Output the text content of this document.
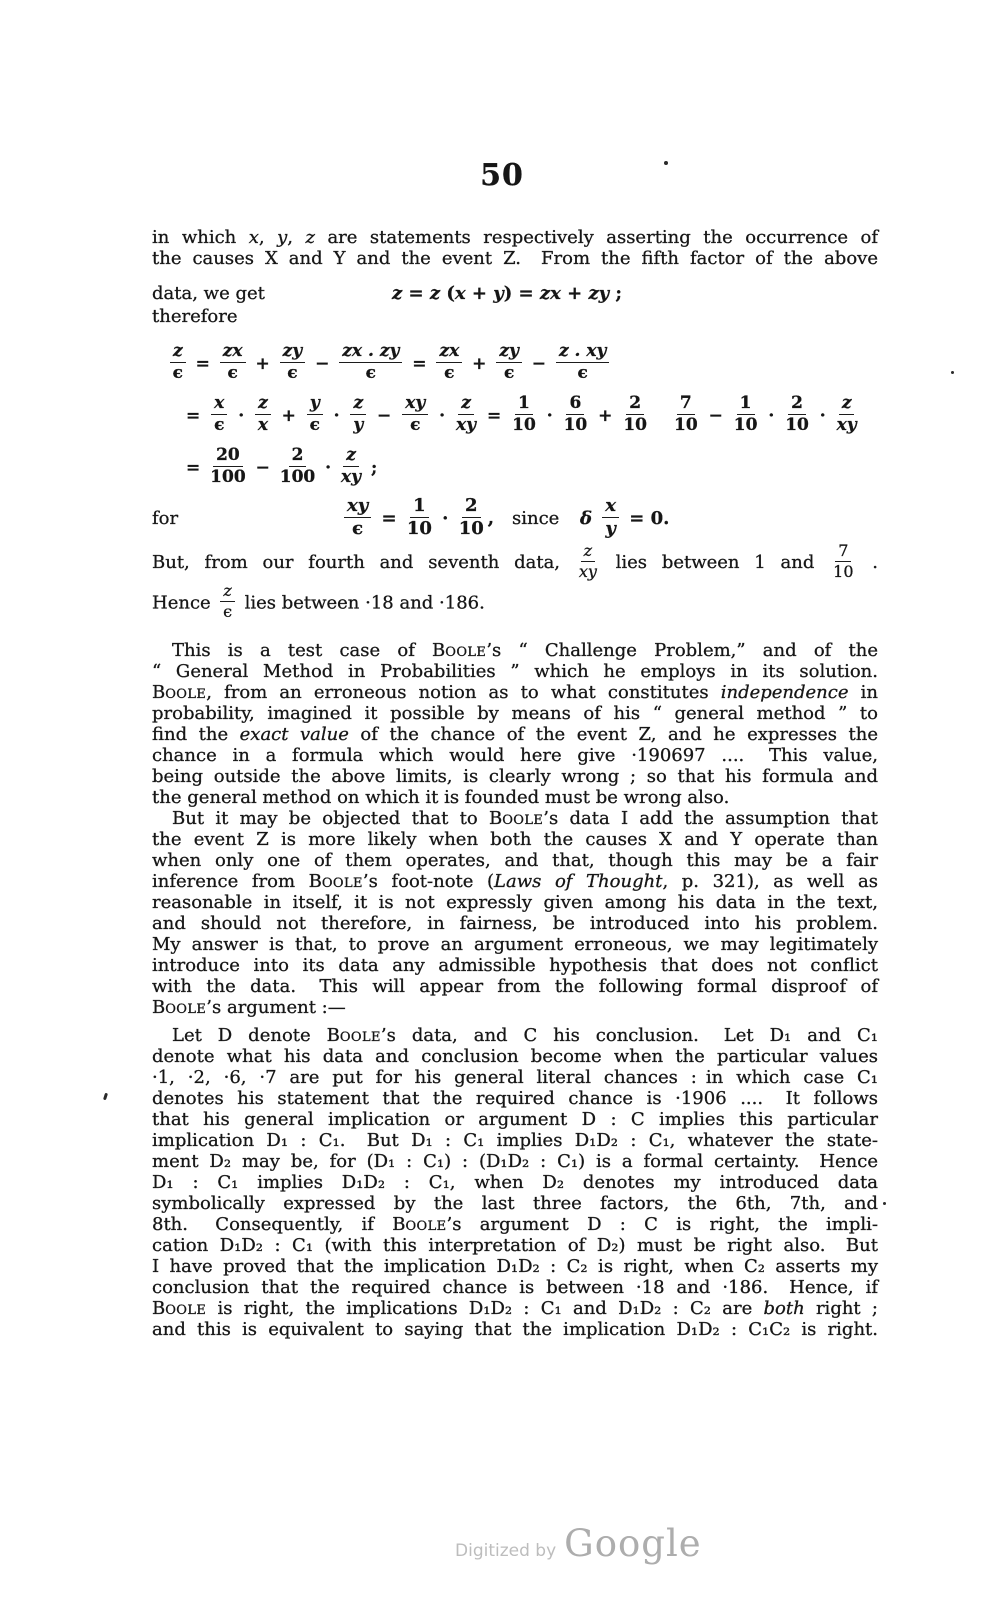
50
in which x, y, z are statements respectively asserting the occurrence of
the causes X and Y and the event Z.  From the fifth factor of the above
data, we get	z = z (x + y) = zx + zy ;
therefore
$\frac{z}{\epsilon} = \frac{zx}{\epsilon} + \frac{zy}{\epsilon} - \frac{zx . zy}{\epsilon} = \frac{zx}{\epsilon} + \frac{zy}{\epsilon} - \frac{z . xy}{\epsilon}$
= $\frac{x}{\epsilon} \cdot \frac{z}{x} + \frac{y}{\epsilon} \cdot \frac{z}{y} - \frac{xy}{\epsilon} \cdot \frac{z}{xy} = \frac{1}{10} \cdot \frac{6}{10} + \frac{2}{10}$
   $\frac{7}{10} - \frac{1}{10} \cdot \frac{2}{10} \cdot \frac{z}{xy}$
= $\frac{20}{100} - \frac{2}{100} \cdot \frac{z}{xy}$ ;
for	$\frac{xy}{\epsilon} = \frac{1}{10} \cdot \frac{2}{10}$ , since δ $\frac{x}{y} = 0$.
But, from our fourth and seventh data, $\frac{z}{xy}$ lies between 1 and $\frac{7}{10}$ .
Hence $\frac{z}{\epsilon}$ lies between ·18 and ·186.
This is a test case of Boole’s “ Challenge Problem,” and of the
“ General Method in Probabilities ” which he employs in its solution.
Boole, from an erroneous notion as to what constitutes independence in
probability, imagined it possible by means of his “ general method ” to
find the exact value of the chance of the event Z, and he expresses the
chance in a formula which would here give ·190697 ....  This value,
being outside the above limits, is clearly wrong ; so that his formula and
the general method on which it is founded must be wrong also.
But it may be objected that to Boole’s data I add the assumption that
the event Z is more likely when both the causes X and Y operate than
when only one of them operates, and that, though this may be a fair
inference from Boole’s foot-note (Laws of Thought, p. 321), as well as
reasonable in itself, it is not expressly given among his data in the text,
and should not therefore, in fairness, be introduced into his problem.
My answer is that, to prove an argument erroneous, we may legitimately
introduce into its data any admissible hypothesis that does not conflict
with the data.  This will appear from the following formal disproof of
Boole’s argument :—
Let D denote Boole’s data, and C his conclusion.  Let D₁ and C₁
denote what his data and conclusion become when the particular values
·1, ·2, ·6, ·7 are put for his general literal chances : in which case C₁
denotes his statement that the required chance is ·1906 ....  It follows
that his general implication or argument D : C implies this particular
implication D₁ : C₁.  But D₁ : C₁ implies D₁D₂ : C₁, whatever the state-
ment D₂ may be, for (D₁ : C₁) : (D₁D₂ : C₁) is a formal certainty.  Hence
D₁ : C₁ implies D₁D₂ : C₁, when D₂ denotes my introduced data
symbolically expressed by the last three factors, the 6th, 7th, and
8th.  Consequently, if Boole’s argument D : C is right, the impli-
cation D₁D₂ : C₁ (with this interpretation of D₂) must be right also.  But
I have proved that the implication D₁D₂ : C₂ is right, when C₂ asserts my
conclusion that the required chance is between ·18 and ·186.  Hence, if
Boole is right, the implications D₁D₂ : C₁ and D₁D₂ : C₂ are both right ;
and this is equivalent to saying that the implication D₁D₂ : C₁C₂ is right.
Digitized by Google
